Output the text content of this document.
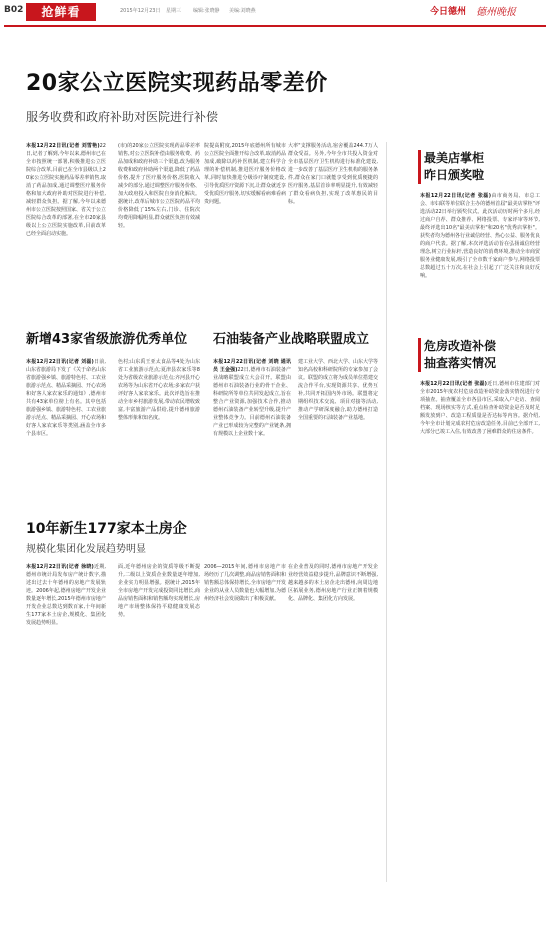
B02	抢鲜看	2015年12月23日 星期三 编辑:张晓静 美编:刘晓燕	今日德州 德州晚报
20家公立医院实现药品零差价
服务收费和政府补助对医院进行补偿
本报12月22日讯(记者 刘雪艳)22日,记者了解到,今年以来,德州市已在全市按照统一部署,积极推进公立医院综合改革,目前已在全市县级以上20家公立医院实施药品零差率销售,取消了药品加成,通过调整医疗服务价格和加大政府补助对医院进行补偿,减轻群众负担。据了解,今年以来德州市公立医院按照国家、省关于公立医院综合改革的部署,在全市20家县级以上公立医院实施改革,目前改革已经全面启动实施。
(市)的20家公立医院实现药品零差率销售,对公立医院补偿由服务收费、药品加成和政府补助三个渠道,改为服务收费和政府补助两个渠道,降低了药品价格,提升了医疗服务价格,医院收入减少的部分,通过调整医疗服务价格、加大政府投入和医院自身消化解决。据统计,改革后城市公立医院药品平均价格降低了15%左右,门诊、住院次均费用降幅明显,群众就医负担有效减轻。
院提高附度,2015年底德州所有城市公立医院全面推开综合改革,取消药品加成,破除以药补医机制,建立科学合理的补偿机制,推进医疗服务价格改革,同时加快推进分级诊疗制度建设,引导优质医疗资源下沉,让群众就近享受优质医疗服务,切实缓解看病难看病贵问题。
大率"支撑服务活动,宿舍覆盖244.7万人群众受益。另外,今年全市共投入资金对全市基层医疗卫生机构进行标准化建设,进一步改善了基层医疗卫生机构的服务条件,群众在家门口就能享受到优质便捷的医疗服务,基层首诊率明显提升,有效减轻了群众看病负担,实现了改革惠民的目标。
最美店掌柜
昨日颁奖啦
本报12月22日讯(记者 张磊)由市商务局、市总工会、市妇联等单位联合主办的德州首届"最美店掌柜"评选活动22日举行颁奖仪式。此次活动历时两个多月,经过商户自荐、群众推荐、网络投票、专家评审等环节,最终评选出10名"最美店掌柜"和20名"优秀店掌柜"。获奖者均为德州各行业诚信经营、热心公益、服务优良的商户代表。据了解,本次评选活动旨在弘扬诚信经营理念,树立行业标杆,营造良好的消费环境,推动全市商贸服务业健康发展,吸引了全市数千家商户参与,网络投票总数超过五十万次,在社会上引起了广泛关注和良好反响。
危房改造补偿
抽查落实情况
本报12月22日讯(记者 张磊)近日,德州市住建部门对全市2015年度农村危房改造补助资金落实情况进行专项抽查。抽查覆盖全市各县市区,采取入户走访、查阅档案、现场核实等方式,重点检查补助资金是否及时足额发放到户、改造工程质量是否达标等内容。据介绍,今年全市计划完成农村危房改造任务,目前已全部开工,大部分已竣工入住,有效改善了困难群众的住房条件。
新增43家省级旅游优秀单位
本报12月22日讯(记者 刘磊)日前,山东省旅游局下发了《关于命名山东省旅游强乡镇、旅游特色村、工农业旅游示范点、精品采摘园、开心农场和好客人家农家乐的通知》,德州市共有43家单位榜上有名。其中包括旅游强乡镇、旅游特色村、工农业旅游示范点、精品采摘园、开心农场和好客人家农家乐等类别,涵盖全市多个县市区。
色村;山东禹王亚太食品等4处为山东省工业旅游示范点;夏津县农家乐等8处为省级农业旅游示范点;齐河县开心农场等为山东省开心农场;多家农户获评好客人家农家乐。此次评选旨在推动全市乡村旅游发展,带动农民增收致富,丰富旅游产品供给,提升德州旅游整体形象和知名度。
石油装备产业战略联盟成立
本报12月22日讯(记者 刘晓 通讯员 王金强)22日,德州市石油装备产业战略联盟成立大会召开。联盟由德州市石油装备行业的骨干企业、科研院所等单位共同发起成立,旨在整合产业资源,加强技术合作,推动德州石油装备产业转型升级,提升产业整体竞争力。目前德州石油装备产业已形成较为完整的产业链条,拥有规模以上企业数十家。
建工业大学、西北大学、山东大学等知名高校和科研院所的专家参加了会议。联盟的成立将为成员单位搭建交流合作平台,实现资源共享、优势互补,共同开拓国内外市场。联盟将定期组织技术交流、项目对接等活动,推动产学研深度融合,助力德州打造全国重要的石油装备产业基地。
10年新生177家本土房企
规模化集团化发展趋势明显
本报12月22日讯(记者 徐晓)近期,德州市统计局发布房产统计数字,描述出过去十年德州的房地产发展轨迹。2006年起,德州房地产开发企业数量逐年增长,2015年德州市房地产开发企业总数达到数百家,十年间新生177家本土房企,规模化、集团化发展趋势明显。
面,近年德州房企的资质等级不断提升,二级以上资质企业数量逐年增加,企业实力明显增强。据统计,2015年全市房地产开发完成投资同比增长,商品房销售面积和销售额均实现增长,房地产市场整体保持平稳健康发展态势。
2006—2015年间,德州市房地产市场经历了几次调整,商品房销售面积和销售额总体保持增长,全市房地产开发企业的从业人员数量也大幅增加,为德州经济社会发展做出了积极贡献。
在企业普及的同时,德州市房地产开发企业经营效益稳步提升,品牌意识不断增强,越来越多的本土房企走出德州,向周边地区拓展业务,德州房地产行业正朝着规模化、品牌化、集团化方向发展。
